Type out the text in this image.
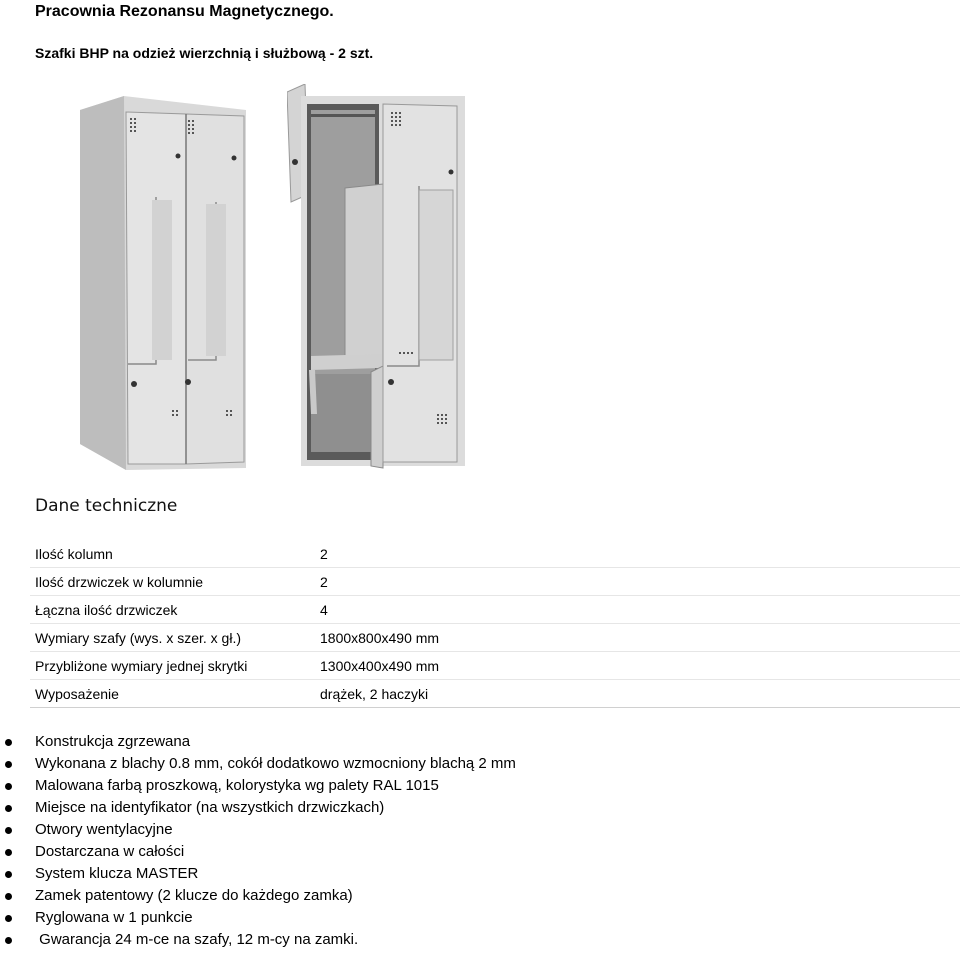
Pracownia Rezonansu Magnetycznego.
Szafki BHP na odzież wierzchnią i służbową - 2 szt.
Dane techniczne
Ilość kolumn	2
Ilość drzwiczek w kolumnie	2
Łączna ilość drzwiczek	4
Wymiary szafy (wys. x szer. x gł.)	1800x800x490 mm
Przybliżone wymiary jednej skrytki	1300x400x490 mm
Wyposażenie	drążek, 2 haczyki
Konstrukcja zgrzewana
Wykonana z blachy 0.8 mm, cokół dodatkowo wzmocniony blachą 2 mm
Malowana farbą proszkową, kolorystyka wg palety RAL 1015
Miejsce na identyfikator (na wszystkich drzwiczkach)
Otwory wentylacyjne
Dostarczana w całości
System klucza MASTER
Zamek patentowy (2 klucze do każdego zamka)
Ryglowana w 1 punkcie
Gwarancja 24 m-ce na szafy, 12 m-cy na zamki.
